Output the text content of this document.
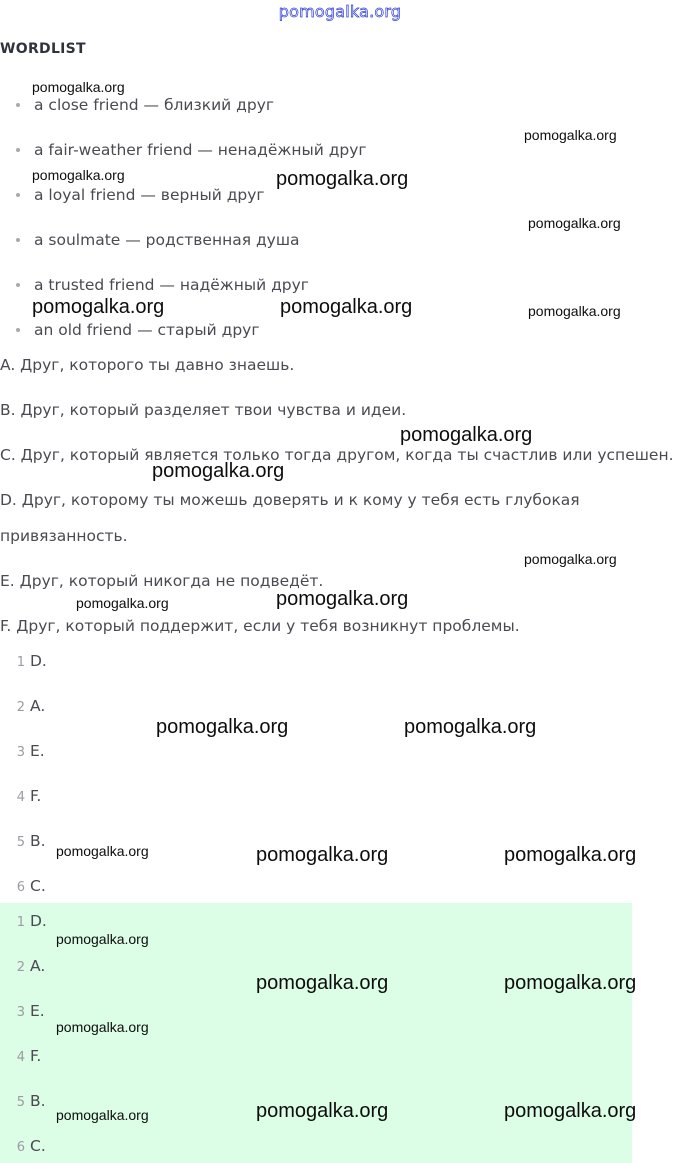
pomogalka.org
WORDLIST
a close friend — близкий друг
a fair-weather friend — ненадёжный друг
a loyal friend — верный друг
a soulmate — родственная душа
a trusted friend — надёжный друг
an old friend — старый друг
A. Друг, которого ты давно знаешь.
B. Друг, который разделяет твои чувства и идеи.
C. Друг, который является только тогда другом, когда ты счастлив или успешен.
D. Друг, которому ты можешь доверять и к кому у тебя есть глубокая
привязанность.
E. Друг, который никогда не подведёт.
F. Друг, который поддержит, если у тебя возникнут проблемы.
1 D.
2 A.
3 E.
4 F.
5 B.
6 C.
1 D.
2 A.
3 E.
4 F.
5 B.
6 C.
pomogalka.org
pomogalka.org
pomogalka.org	pomogalka.org
pomogalka.org
pomogalka.org	pomogalka.org	pomogalka.org
pomogalka.org
pomogalka.org
pomogalka.org
pomogalka.org
pomogalka.org
pomogalka.org	pomogalka.org
pomogalka.org	pomogalka.org	pomogalka.org
pomogalka.org
pomogalka.org	pomogalka.org
pomogalka.org
pomogalka.org	pomogalka.org
pomogalka.org
